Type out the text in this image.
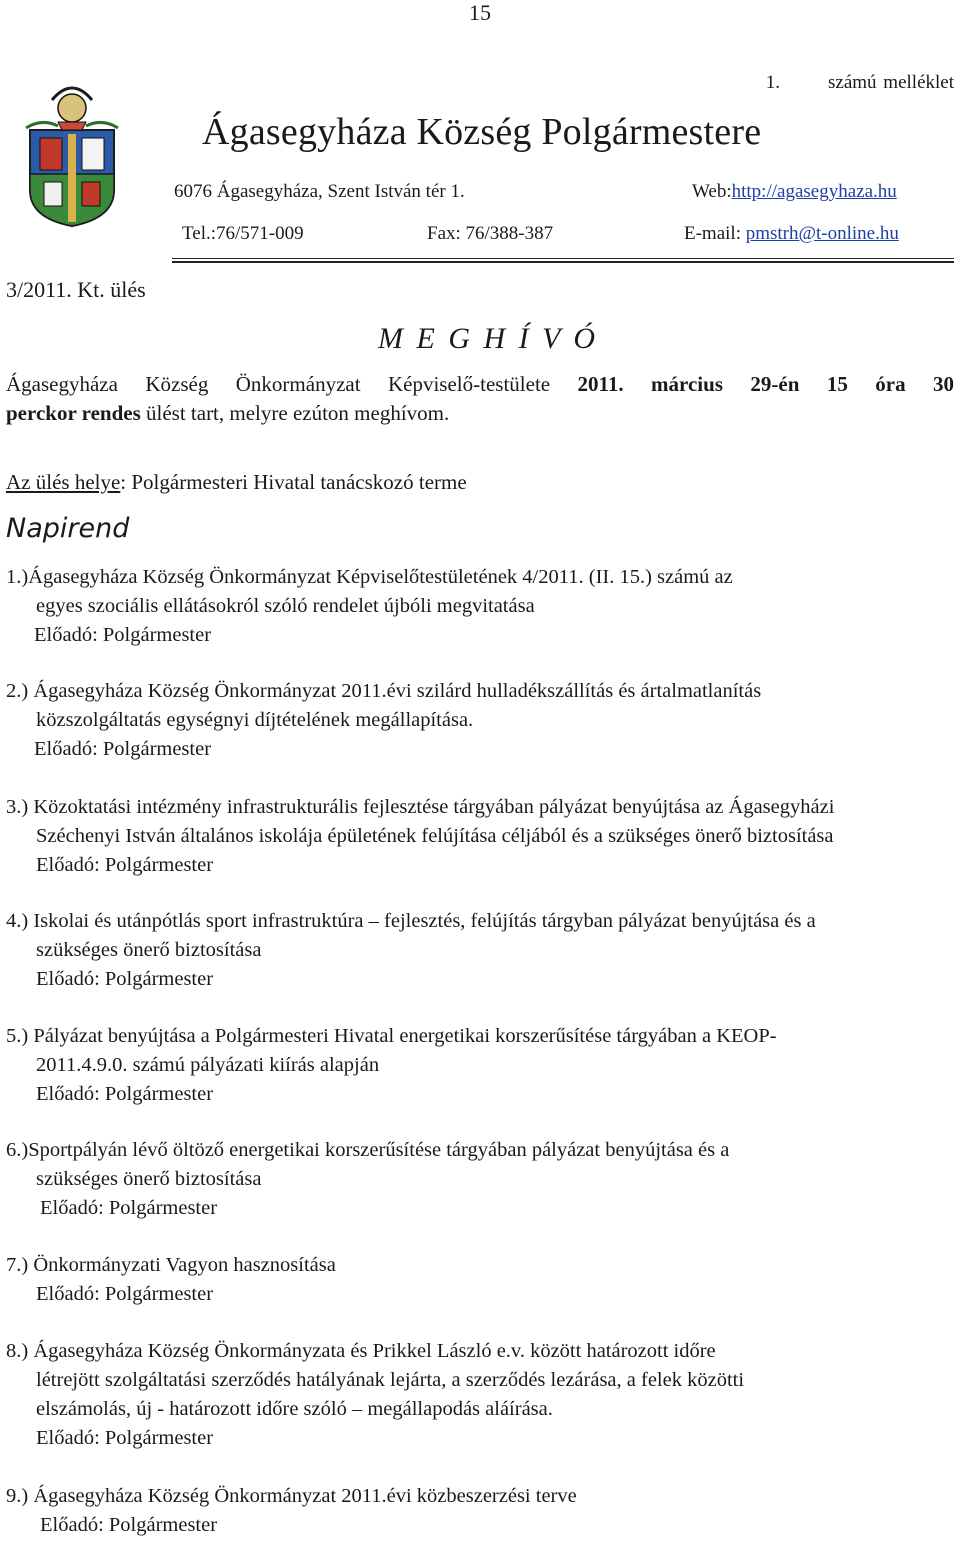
15
1.	számú melléklet
Ágasegyháza Község Polgármestere
6076 Ágasegyháza, Szent István tér 1.	Web:http://agasegyhaza.hu
Tel.:76/571-009	Fax: 76/388-387	E-mail: pmstrh@t-online.hu
3/2011. Kt. ülés
M E G H Í V Ó
Ágasegyháza Község Önkormányzat Képviselő-testülete 2011. március 29-én 15 óra 30
perckor rendes ülést tart, melyre ezúton meghívom.
Az ülés helye: Polgármesteri Hivatal tanácskozó terme
Napirend
1.)Ágasegyháza Község Önkormányzat Képviselőtestületének 4/2011. (II. 15.) számú az
egyes szociális ellátásokról szóló rendelet újbóli megvitatása
Előadó: Polgármester
2.) Ágasegyháza Község Önkormányzat 2011.évi szilárd hulladékszállítás és ártalmatlanítás
közszolgáltatás egységnyi díjtételének megállapítása.
Előadó: Polgármester
3.) Közoktatási intézmény infrastrukturális fejlesztése tárgyában pályázat benyújtása az Ágasegyházi
Széchenyi István általános iskolája épületének felújítása céljából és a szükséges önerő biztosítása
Előadó: Polgármester
4.) Iskolai és utánpótlás sport infrastruktúra – fejlesztés, felújítás tárgyban pályázat benyújtása és a
szükséges önerő biztosítása
Előadó: Polgármester
5.) Pályázat benyújtása a Polgármesteri Hivatal energetikai korszerűsítése tárgyában a KEOP-
2011.4.9.0. számú pályázati kiírás alapján
Előadó: Polgármester
6.)Sportpályán lévő öltöző energetikai korszerűsítése tárgyában pályázat benyújtása és a
szükséges önerő biztosítása
Előadó: Polgármester
7.) Önkormányzati Vagyon hasznosítása
Előadó: Polgármester
8.) Ágasegyháza Község Önkormányzata és Prikkel László e.v. között határozott időre
létrejött szolgáltatási szerződés hatályának lejárta, a szerződés lezárása, a felek közötti
elszámolás, új - határozott időre szóló – megállapodás aláírása.
Előadó: Polgármester
9.) Ágasegyháza Község Önkormányzat 2011.évi közbeszerzési terve
Előadó: Polgármester
